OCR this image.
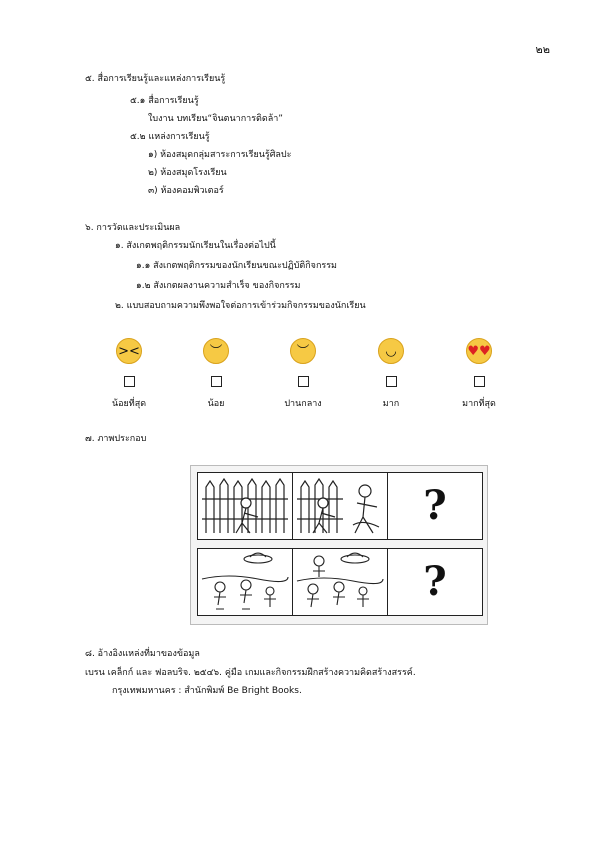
๒๒
๕. สื่อการเรียนรู้และแหล่งการเรียนรู้
๕.๑ สื่อการเรียนรู้
ใบงาน บทเรียน“จินตนาการติดล้า”
๕.๒ แหล่งการเรียนรู้
๑) ห้องสมุดกลุ่มสาระการเรียนรู้ศิลปะ
๒) ห้องสมุดโรงเรียน
๓) ห้องคอมพิวเตอร์
๖. การวัดและประเมินผล
๑. สังเกตพฤติกรรมนักเรียนในเรื่องต่อไปนี้
๑.๑ สังเกตพฤติกรรมของนักเรียนขณะปฏิบัติกิจกรรม
๑.๒ สังเกตผลงานความสำเร็จ ของกิจกรรม
๒. แบบสอบถามความพึงพอใจต่อการเข้าร่วมกิจกรรมของนักเรียน
><	︶	︶	◡	♥♥
น้อยที่สุด	น้อย	ปานกลาง	มาก	มากที่สุด
๗. ภาพประกอบ
?
?
๘. อ้างอิงแหล่งที่มาของข้อมูล
เบรน เคล็กก์ และ ฟอลบริจ. ๒๕๔๖. คู่มือ เกมและกิจกรรมฝึกสร้างความคิดสร้างสรรค์.
กรุงเทพมหานคร : สำนักพิมพ์ Be Bright Books.
